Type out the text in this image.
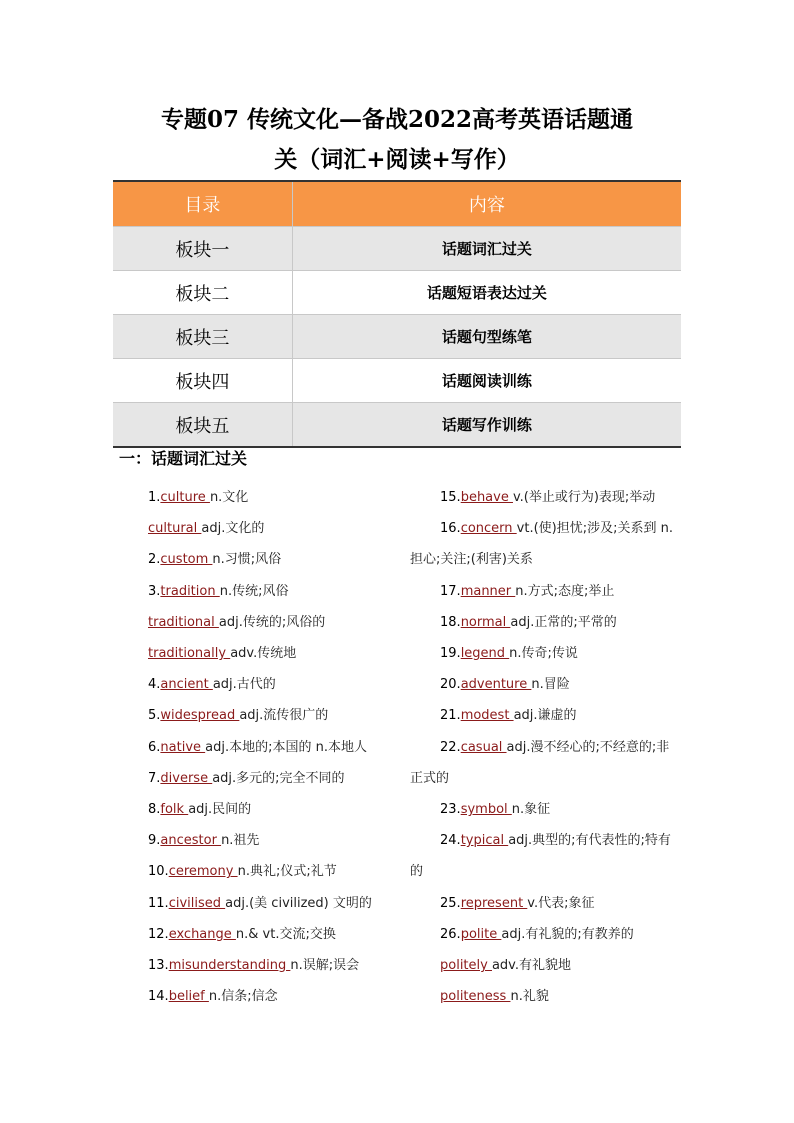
专题07 传统文化—备战2022高考英语话题通
关（词汇+阅读+写作）
目录	内容
板块一	话题词汇过关
板块二	话题短语表达过关
板块三	话题句型练笔
板块四	话题阅读训练
板块五	话题写作训练
一：话题词汇过关
1.culture n.文化
cultural adj.文化的
2.custom n.习惯;风俗
3.tradition n.传统;风俗
traditional adj.传统的;风俗的
traditionally adv.传统地
4.ancient adj.古代的
5.widespread adj.流传很广的
6.native adj.本地的;本国的 n.本地人
7.diverse adj.多元的;完全不同的
8.folk adj.民间的
9.ancestor n.祖先
10.ceremony n.典礼;仪式;礼节
11.civilised adj.(美 civilized) 文明的
12.exchange n.& vt.交流;交换
13.misunderstanding n.误解;误会
14.belief n.信条;信念
15.behave v.(举止或行为)表现;举动
16.concern vt.(使)担忧;涉及;关系到 n.担心;关注;(利害)关系
17.manner n.方式;态度;举止
18.normal adj.正常的;平常的
19.legend n.传奇;传说
20.adventure n.冒险
21.modest adj.谦虚的
22.casual adj.漫不经心的;不经意的;非正式的
23.symbol n.象征
24.typical adj.典型的;有代表性的;特有的
25.represent v.代表;象征
26.polite adj.有礼貌的;有教养的
politely adv.有礼貌地
politeness n.礼貌
